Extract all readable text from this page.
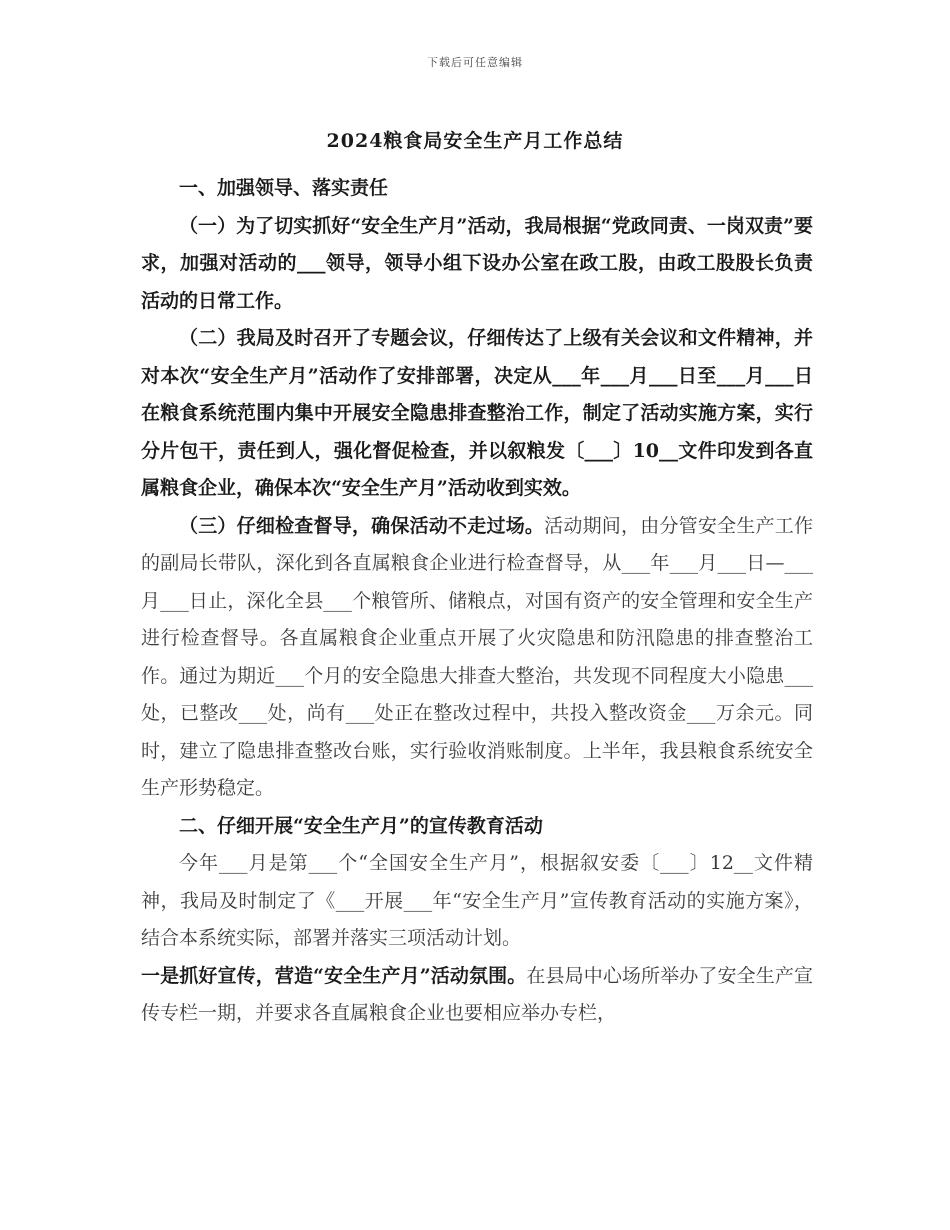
下载后可任意编辑
2024粮食局安全生产月工作总结

一、加强领导、落实责任

（一）为了切实抓好“安全生产月”活动，我局根据“党政同责、一岗双责”要求，加强对活动的___领导，领导小组下设办公室在政工股，由政工股股长负责活动的日常工作。

（二）我局及时召开了专题会议，仔细传达了上级有关会议和文件精神，并对本次“安全生产月”活动作了安排部署，决定从___年___月___日至___月___日在粮食系统范围内集中开展安全隐患排查整治工作，制定了活动实施方案，实行分片包干，责任到人，强化督促检查，并以叙粮发〔___〕10__文件印发到各直属粮食企业，确保本次“安全生产月”活动收到实效。

（三）仔细检查督导，确保活动不走过场。活动期间，由分管安全生产工作的副局长带队，深化到各直属粮食企业进行检查督导，从___年___月___日—___月___日止，深化全县___个粮管所、储粮点，对国有资产的安全管理和安全生产进行检查督导。各直属粮食企业重点开展了火灾隐患和防汛隐患的排查整治工作。通过为期近___个月的安全隐患大排查大整治，共发现不同程度大小隐患___处，已整改___处，尚有___处正在整改过程中，共投入整改资金___万余元。同时，建立了隐患排查整改台账，实行验收消账制度。上半年，我县粮食系统安全生产形势稳定。

二、仔细开展“安全生产月”的宣传教育活动

今年___月是第___个“全国安全生产月”，根据叙安委〔___〕12__文件精神，我局及时制定了《___开展___年“安全生产月”宣传教育活动的实施方案》，结合本系统实际，部署并落实三项活动计划。

一是抓好宣传，营造“安全生产月”活动氛围。在县局中心场所举办了安全生产宣传专栏一期，并要求各直属粮食企业也要相应举办专栏，
